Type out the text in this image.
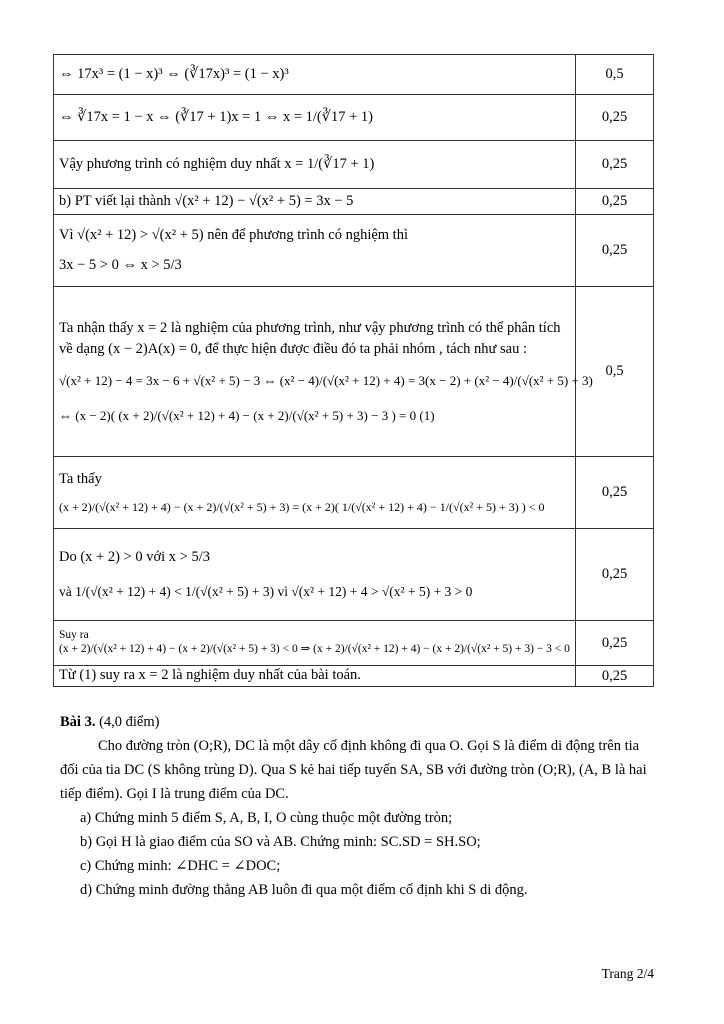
⇔ 17x³ = (1 − x)³ ⇔ (∛17x)³ = (1 − x)³	0,5
⇔ ∛17x = 1 − x ⇔ (∛17 + 1)x = 1 ⇔ x = 1/(∛17 + 1)	0,25
Vậy phương trình có nghiệm duy nhất x = 1/(∛17 + 1)	0,25
b) PT viết lại thành √(x² + 12) − √(x² + 5) = 3x − 5	0,25

Vì √(x² + 12) > √(x² + 5) nên để phương trình có nghiệm thì
3x − 5 > 0 ⇔ x > 5/3	0,25

Ta nhận thấy x = 2 là nghiệm của phương trình, như vậy phương trình có thể phân tích về dạng (x − 2)A(x) = 0, để thực hiện được điều đó ta phải nhóm , tách như sau :
√(x² + 12) − 4 = 3x − 6 + √(x² + 5) − 3 ⇔ (x² − 4)/(√(x² + 12) + 4) = 3(x − 2) + (x² − 4)/(√(x² + 5) + 3)
⇔ (x − 2)( (x + 2)/(√(x² + 12) + 4) − (x + 2)/(√(x² + 5) + 3) − 3 ) = 0 (1)	0,5

Ta thấy
(x + 2)/(√(x² + 12) + 4) − (x + 2)/(√(x² + 5) + 3) = (x + 2)( 1/(√(x² + 12) + 4) − 1/(√(x² + 5) + 3) ) < 0	0,25

Do (x + 2) > 0 với x > 5/3
và 1/(√(x² + 12) + 4) < 1/(√(x² + 5) + 3) vì √(x² + 12) + 4 > √(x² + 5) + 3 > 0	0,25
Suy ra (x + 2)/(√(x² + 12) + 4) − (x + 2)/(√(x² + 5) + 3) < 0 ⇒ (x + 2)/(√(x² + 12) + 4) − (x + 2)/(√(x² + 5) + 3) − 3 < 0	0,25
Từ (1) suy ra x = 2 là nghiệm duy nhất của bài toán.	0,25

Bài 3. (4,0 điểm)

Cho đường tròn (O;R), DC là một dây cố định không đi qua O. Gọi S là điểm di động trên tia đối của tia DC (S không trùng D). Qua S kẻ hai tiếp tuyến SA, SB với đường tròn (O;R), (A, B là hai tiếp điểm). Gọi I là trung điểm của DC.

a) Chứng minh 5 điểm S, A, B, I, O cùng thuộc một đường tròn;

b) Gọi H là giao điểm của SO và AB. Chứng minh: SC.SD = SH.SO;

c) Chứng minh: ∠DHC = ∠DOC;

d) Chứng minh đường thẳng AB luôn đi qua một điểm cố định khi S di động.

Trang 2/4
